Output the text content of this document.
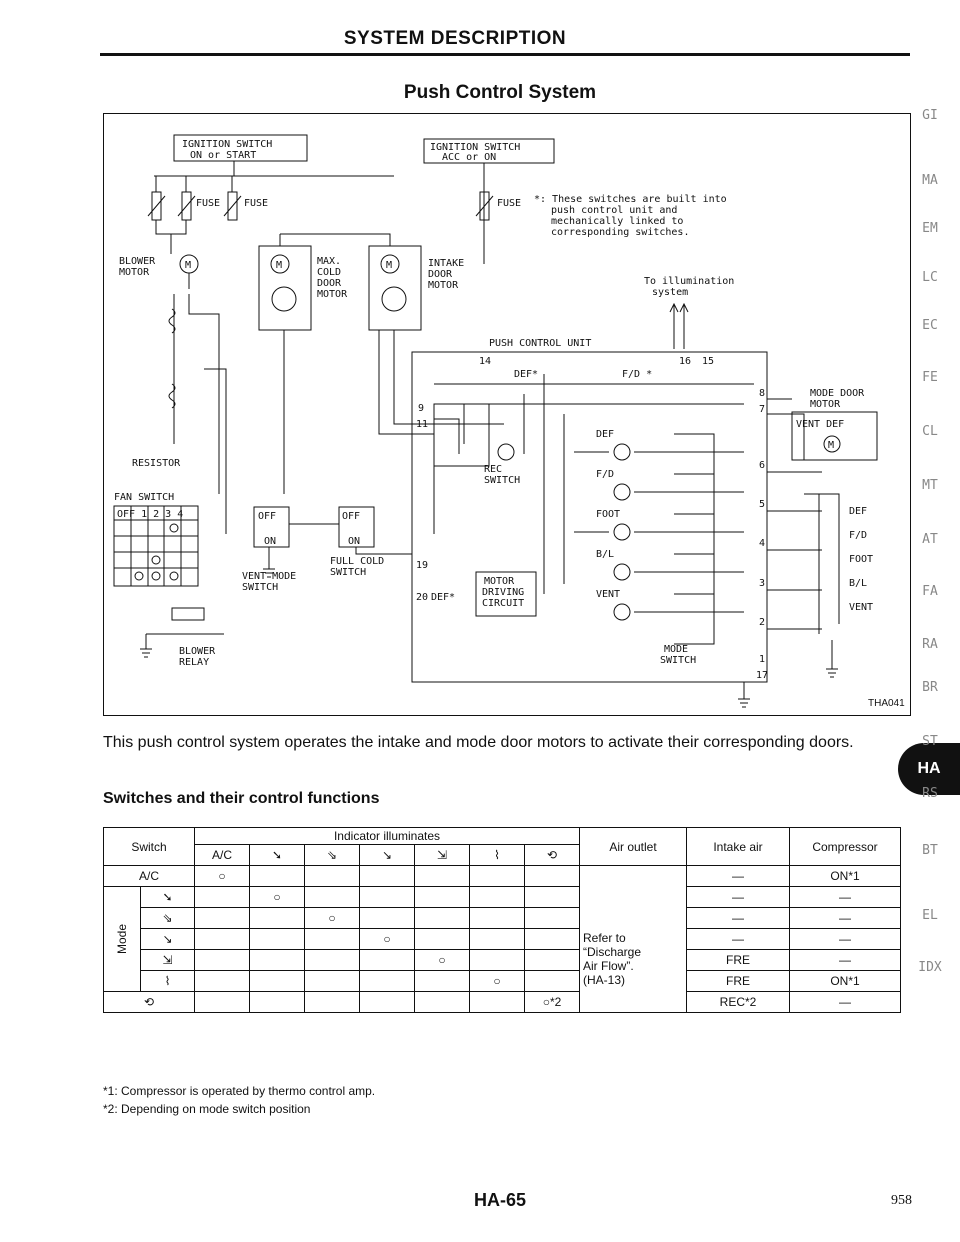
SYSTEM DESCRIPTION
Push Control System
IGNITION SWITCH
ON or START
IGNITION SWITCH
ACC or ON
FUSE FUSE	FUSE *: These switches are built into
push control unit and
mechanically linked to
corresponding switches.
M
BLOWER
MOTOR
RESISTOR
FAN SWITCH
OFF 1 2 3 4
BLOWER
RELAY
M	MAX.
COLD
DOOR
MOTOR
M	INTAKE
DOOR
MOTOR	To illumination
system
PUSH CONTROL UNIT
14	16 15
DEF*	F/D *
9
11
REC
SWITCH
DEF
F/D
FOOT
B/L
VENT
MOTOR
DRIVING
CIRCUIT
19
20 DEF*
MODE
SWITCH
8
7
6
5
4
3
2
1
17
MODE DOOR
MOTOR
VENT DEF
M
DEF
F/D
FOOT
B/L
VENT
OFF
ON
OFF
ON
VENT MODE
SWITCH
FULL COLD
SWITCH
THA041
This push control system operates the intake and mode door motors to activate their corresponding doors.
Switches and their control functions
Switch		Indicator illuminates							Air outlet	Intake air	Compressor
		A/C	➘	⇘	↘	⇲	⌇	⟲			
A/C		○							Refer to
“Discharge
Air Flow”.
(HA-13)	—	ON*1

Mode	➘		○							—	—
	⇘			○						—	—
	↘				○					—	—
	⇲					○				FRE	—
	⌇						○			FRE	ON*1
⟲								○*2		REC*2	—
*1: Compressor is operated by thermo control amp.
*2: Depending on mode switch position
HA-65	958
HA
GI
MA
EM
LC
EC
FE
CL
MT
AT
FA
RA
BR
ST
RS
BT
EL
IDX
